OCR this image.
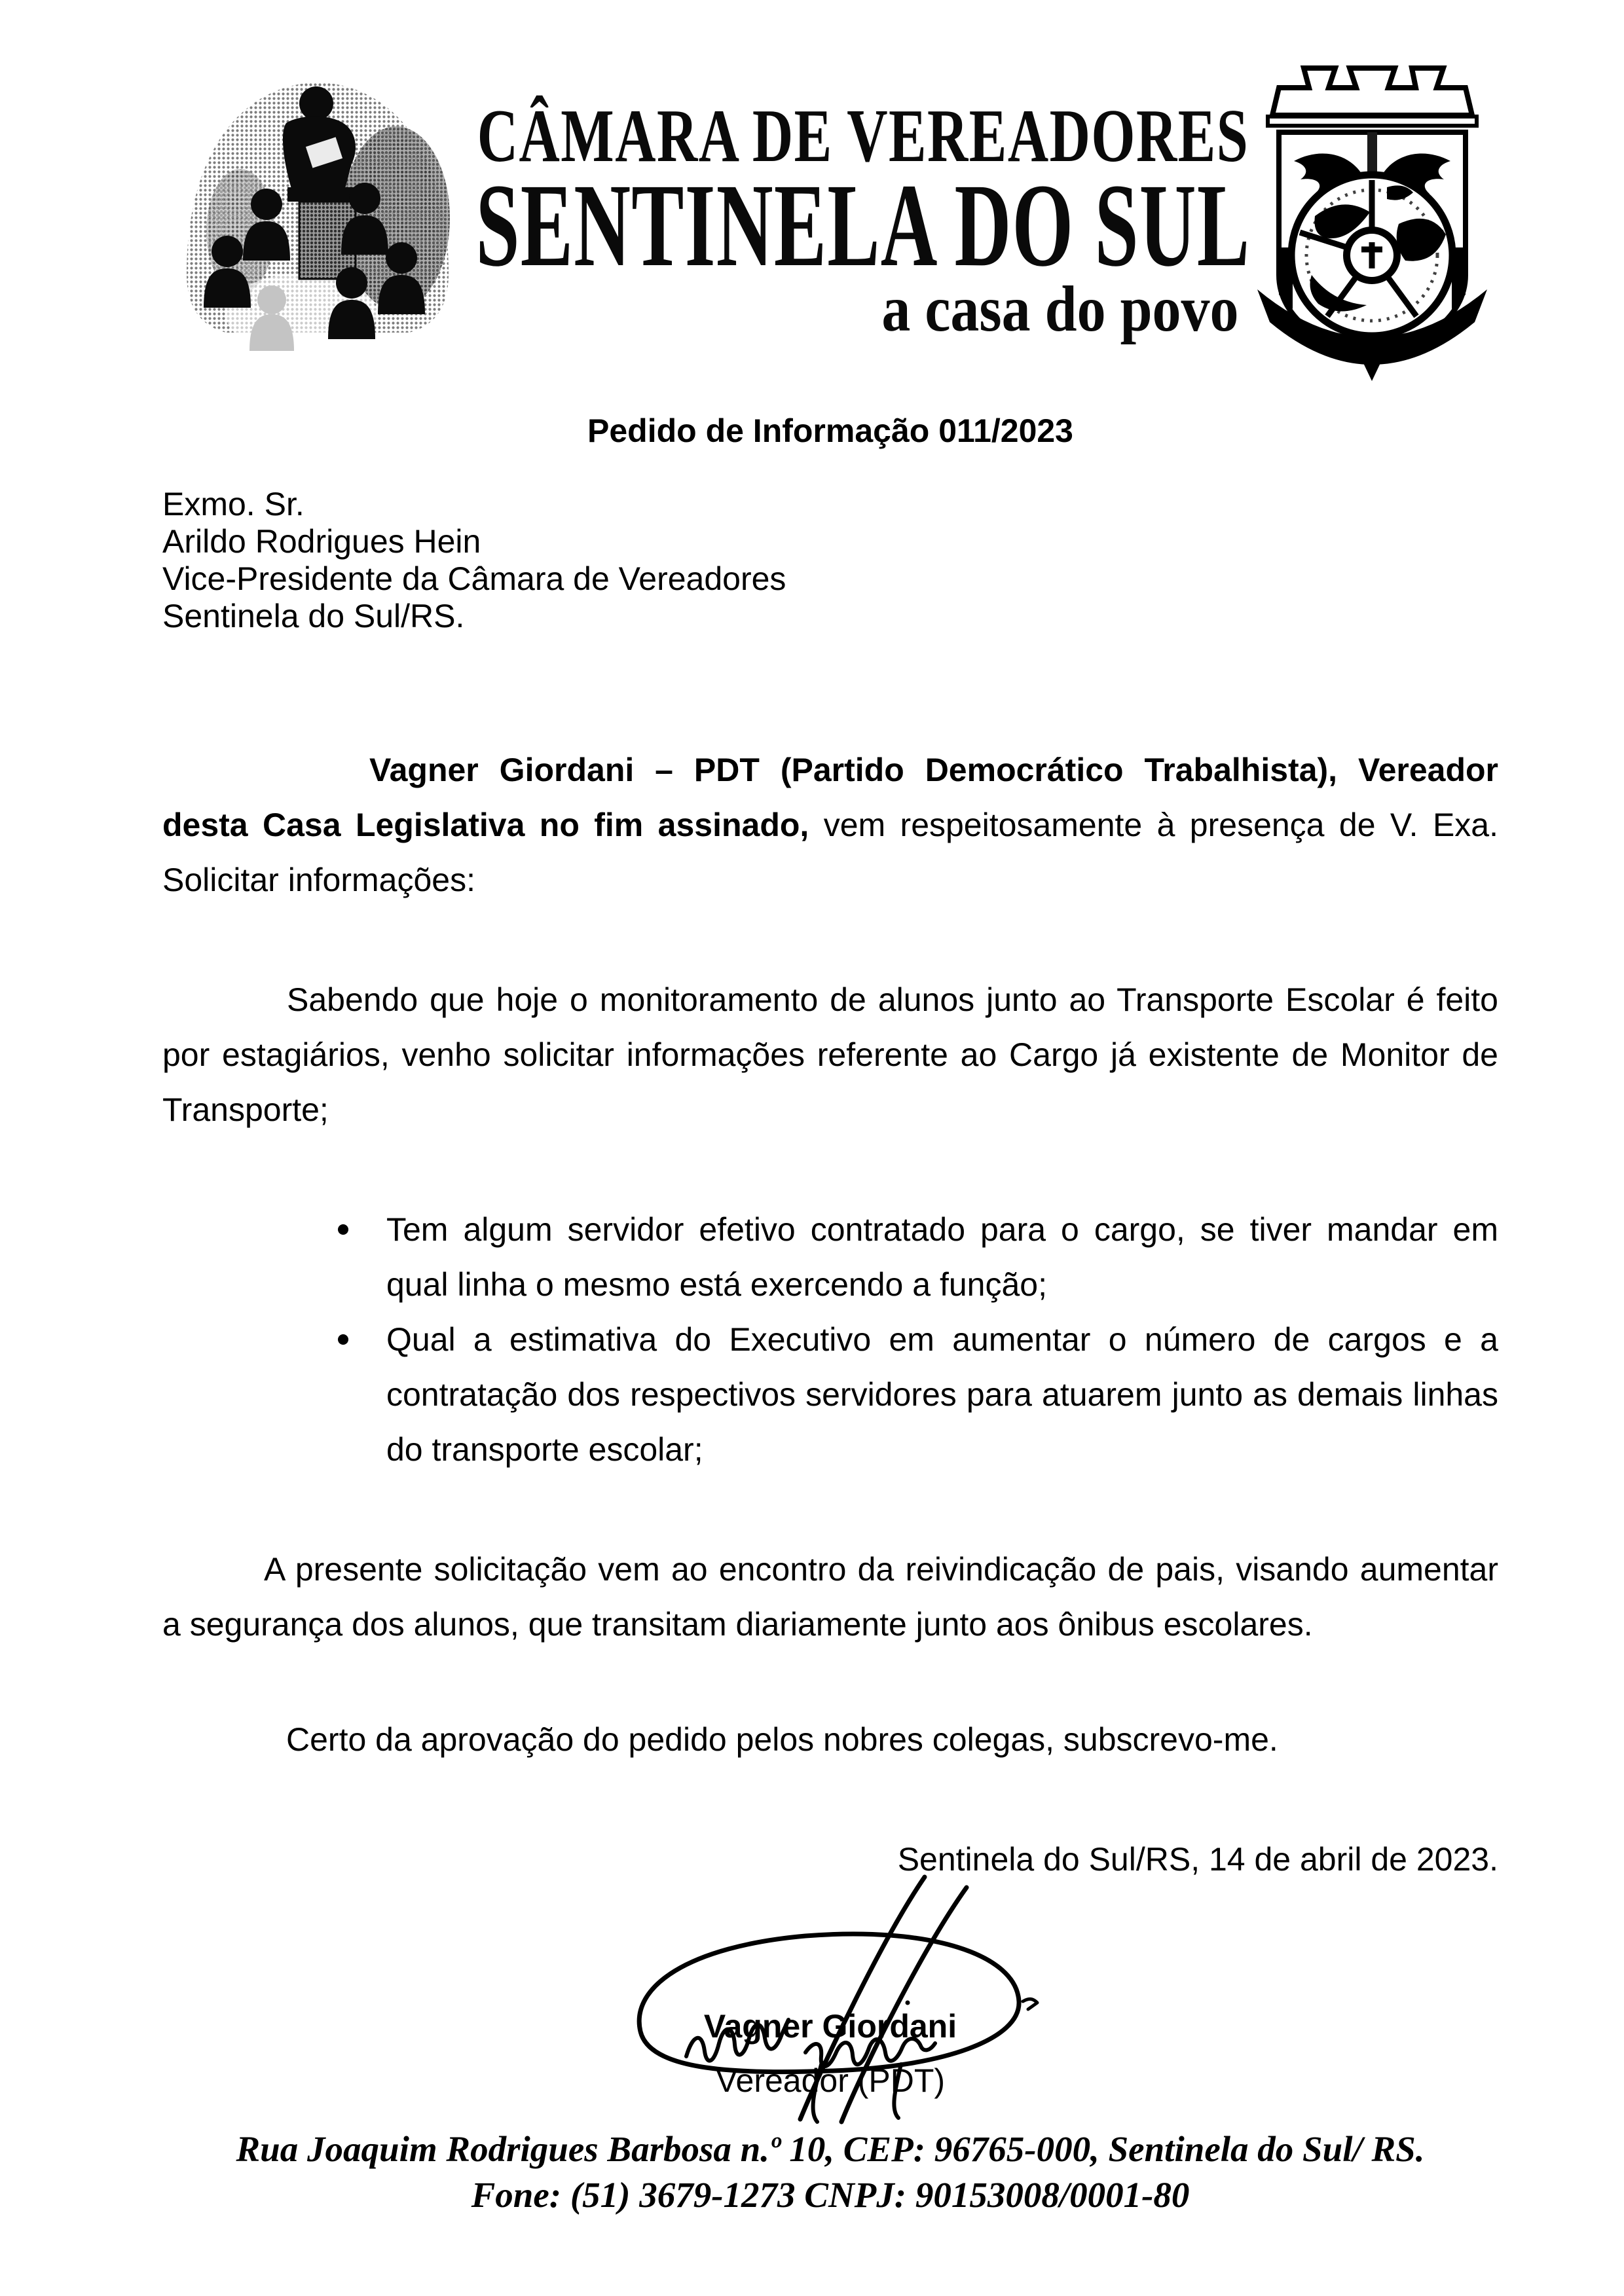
CÂMARA DE VEREADORES
SENTINELA DO SUL
a casa do povo

Pedido de Informação 011/2023

Exmo. Sr.

Arildo Rodrigues Hein

Vice-Presidente da Câmara de Vereadores

Sentinela do Sul/RS.

Vagner Giordani – PDT (Partido Democrático Trabalhista), Vereador desta Casa Legislativa no fim assinado, vem respeitosamente à presença de V. Exa. Solicitar informações:

Sabendo que hoje o monitoramento de alunos junto ao Transporte Escolar é feito por estagiários, venho solicitar informações referente ao Cargo já existente de Monitor de Transporte;

Tem algum servidor efetivo contratado para o cargo, se tiver mandar em qual linha o mesmo está exercendo a função;
Qual a estimativa do Executivo em aumentar o número de cargos e a contratação dos respectivos servidores para atuarem junto as demais linhas do transporte escolar;

A presente solicitação vem ao encontro da reivindicação de pais, visando aumentar a segurança dos alunos, que transitam diariamente junto aos ônibus escolares.

Certo da aprovação do pedido pelos nobres colegas, subscrevo-me.

Sentinela do Sul/RS, 14 de abril de 2023.

Vagner Giordani

Vereador (PDT)

Rua Joaquim Rodrigues Barbosa n.º 10, CEP: 96765-000, Sentinela do Sul/ RS.

Fone: (51) 3679-1273 CNPJ: 90153008/0001-80
